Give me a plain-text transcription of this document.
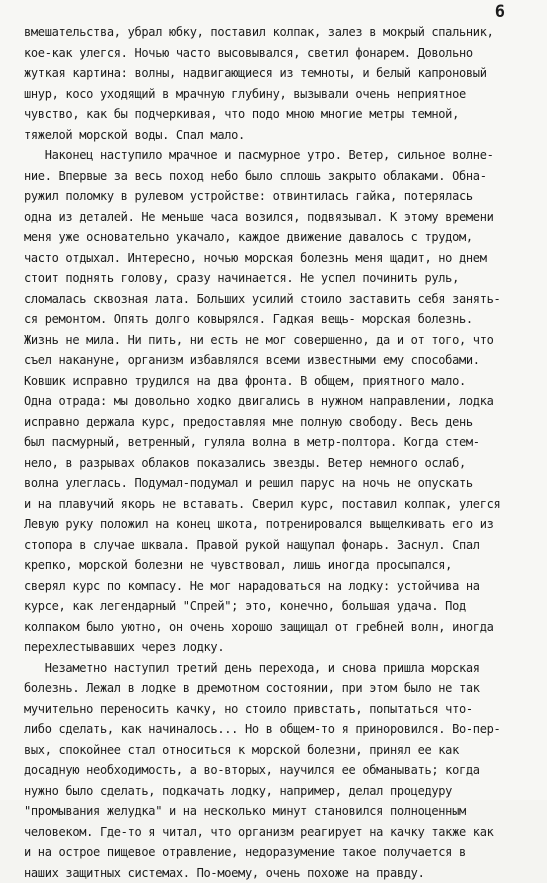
6
вмешательства, убрал юбку, поставил колпак, залез в мокрый спальник,
кое-как улегся. Ночью часто высовывался, светил фонарем. Довольно
жуткая картина: волны, надвигающиеся из темноты, и белый капроновый
шнур, косо уходящий в мрачную глубину, вызывали очень неприятное
чувство, как бы подчеркивая, что подо мною многие метры темной,
тяжелой морской воды. Спал мало.
Наконец наступило мрачное и пасмурное утро. Ветер, сильное волне-
ние. Впервые за весь поход небо было сплошь закрыто облаками. Обна-
ружил поломку в рулевом устройстве: отвинтилась гайка, потерялась
одна из деталей. Не меньше часа возился, подвязывал. К этому времени
меня уже основательно укачало, каждое движение давалось с трудом,
часто отдыхал. Интересно, ночью морская болезнь меня щадит, но днем
стоит поднять голову, сразу начинается. Не успел починить руль,
сломалась сквозная лата. Больших усилий стоило заставить себя занять-
ся ремонтом. Опять долго ковырялся. Гадкая вещь- морская болезнь.
Жизнь не мила. Ни пить, ни есть не мог совершенно, да и от того, что
съел накануне, организм избавлялся всеми известными ему способами.
Ковшик исправно трудился на два фронта. В общем, приятного мало.
Одна отрада: мы довольно ходко двигались в нужном направлении, лодка
исправно держала курс, предоставляя мне полную свободу. Весь день
был пасмурный, ветренный, гуляла волна в метр-полтора. Когда стем-
нело, в разрывах облаков показались звезды. Ветер немного ослаб,
волна улеглась. Подумал-подумал и решил парус на ночь не опускать
и на плавучий якорь не вставать. Сверил курс, поставил колпак, улегся
Левую руку положил на конец шкота, потренировался выщелкивать его из
стопора в случае шквала. Правой рукой нащупал фонарь. Заснул. Спал
крепко, морской болезни не чувствовал, лишь иногда просыпался,
сверял курс по компасу. Не мог нарадоваться на лодку: устойчива на
курсе, как легендарный "Спрей"; это, конечно, большая удача. Под
колпаком было уютно, он очень хорошо защищал от гребней волн, иногда
перехлестывавших через лодку.
Незаметно наступил третий день перехода, и снова пришла морская
болезнь. Лежал в лодке в дремотном состоянии, при этом было не так
мучительно переносить качку, но стоило привстать, попытаться что-
либо сделать, как начиналось... Но в общем-то я приноровился. Во-пер-
вых, спокойнее стал относиться к морской болезни, принял ее как
досадную необходимость, а во-вторых, научился ее обманывать; когда
нужно было сделать, подкачать лодку, например, делал процедуру
"промывания желудка" и на несколько минут становился полноценным
человеком. Где-то я читал, что организм реагирует на качку также как
и на острое пищевое отравление, недоразумение такое получается в
наших защитных системах. По-моему, очень похоже на правду.
